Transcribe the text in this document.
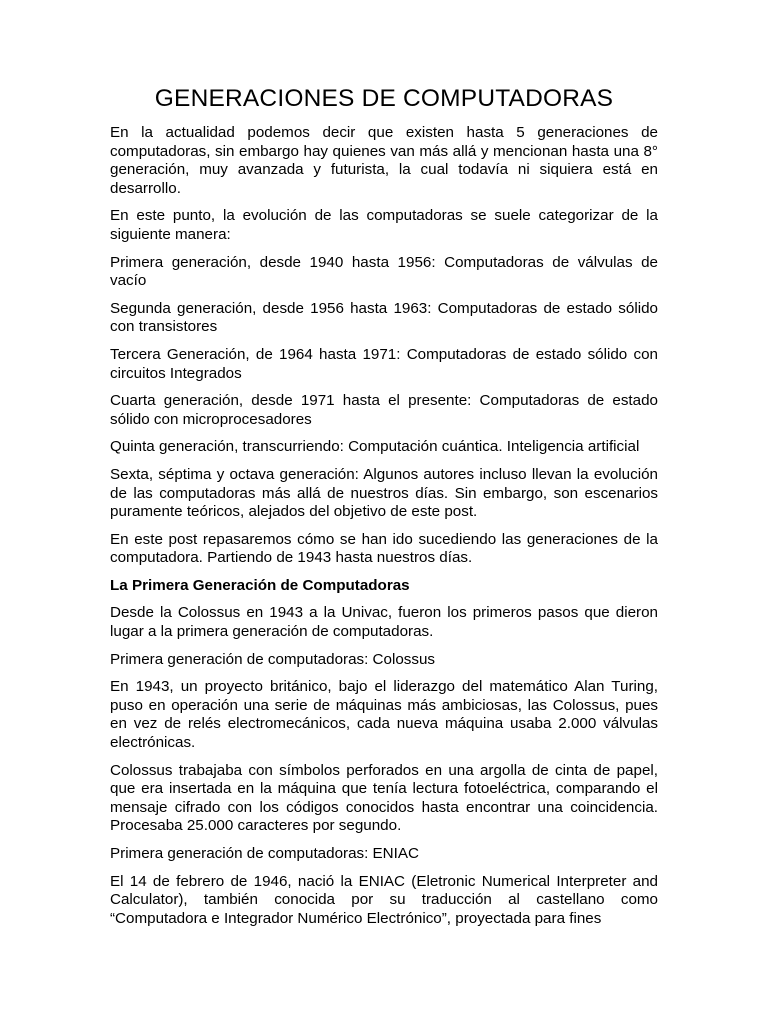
GENERACIONES DE COMPUTADORAS

En la actualidad podemos decir que existen hasta 5 generaciones de computadoras, sin embargo hay quienes van más allá y mencionan hasta una 8° generación, muy avanzada y futurista, la cual todavía ni siquiera está en desarrollo.

En este punto, la evolución de las computadoras se suele categorizar de la siguiente manera:

Primera generación, desde 1940 hasta 1956: Computadoras de válvulas de vacío

Segunda generación, desde 1956 hasta 1963: Computadoras de estado sólido con transistores

Tercera Generación, de 1964 hasta 1971: Computadoras de estado sólido con circuitos Integrados

Cuarta generación, desde 1971 hasta el presente: Computadoras de estado sólido con microprocesadores

Quinta generación, transcurriendo: Computación cuántica. Inteligencia artificial

Sexta, séptima y octava generación: Algunos autores incluso llevan la evolución de las computadoras más allá de nuestros días. Sin embargo, son escenarios puramente teóricos, alejados del objetivo de este post.

En este post repasaremos cómo se han ido sucediendo las generaciones de la computadora. Partiendo de 1943 hasta nuestros días.

La Primera Generación de Computadoras

Desde la Colossus en 1943 a la Univac, fueron los primeros pasos que dieron lugar a la primera generación de computadoras.

Primera generación de computadoras: Colossus

En 1943, un proyecto británico, bajo el liderazgo del matemático Alan Turing, puso en operación una serie de máquinas más ambiciosas, las Colossus, pues en vez de relés electromecánicos, cada nueva máquina usaba 2.000 válvulas electrónicas.

Colossus trabajaba con símbolos perforados en una argolla de cinta de papel, que era insertada en la máquina que tenía lectura fotoeléctrica, comparando el mensaje cifrado con los códigos conocidos hasta encontrar una coincidencia. Procesaba 25.000 caracteres por segundo.

Primera generación de computadoras: ENIAC

El 14 de febrero de 1946, nació la ENIAC (Eletronic Numerical Interpreter and Calculator), también conocida por su traducción al castellano como “Computadora e Integrador Numérico Electrónico”, proyectada para fines
